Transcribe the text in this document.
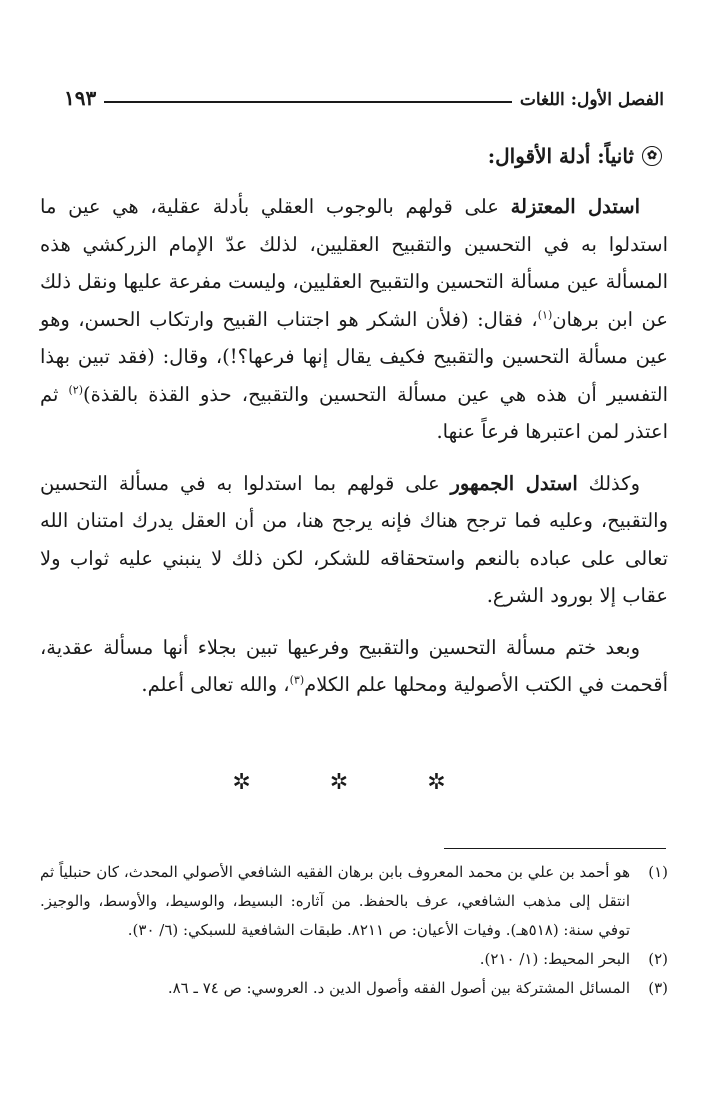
الفصل الأول: اللغات
١٩٣
✿
ثانياً: أدلة الأقوال:

استدل المعتزلة على قولهم بالوجوب العقلي بأدلة عقلية، هي عين ما استدلوا به في التحسين والتقبيح العقليين، لذلك عدّ الإمام الزركشي هذه المسألة عين مسألة التحسين والتقبيح العقليين، وليست مفرعة عليها ونقل ذلك عن ابن برهان$^{(١)}$، فقال: (فلأن الشكر هو اجتناب القبيح وارتكاب الحسن، وهو عين مسألة التحسين والتقبيح فكيف يقال إنها فرعها؟!)، وقال: (فقد تبين بهذا التفسير أن هذه هي عين مسألة التحسين والتقبيح، حذو القذة بالقذة)$^{(٢)}$ ثم اعتذر لمن اعتبرها فرعاً عنها.

وكذلك استدل الجمهور على قولهم بما استدلوا به في مسألة التحسين والتقبيح، وعليه فما ترجح هناك فإنه يرجح هنا، من أن العقل يدرك امتنان الله تعالى على عباده بالنعم واستحقاقه للشكر، لكن ذلك لا ينبني عليه ثواب ولا عقاب إلا بورود الشرع.

وبعد ختم مسألة التحسين والتقبيح وفرعيها تبين بجلاء أنها مسألة عقدية، أقحمت في الكتب الأصولية ومحلها علم الكلام$^{(٣)}$، والله تعالى أعلم.

✲ ✲ ✲
(١)
هو أحمد بن علي بن محمد المعروف بابن برهان الفقيه الشافعي الأصولي المحدث، كان حنبلياً ثم انتقل إلى مذهب الشافعي، عرف بالحفظ. من آثاره: البسيط، والوسيط، والأوسط، والوجيز. توفي سنة: (٥١٨هـ). وفيات الأعيان: ص ٨٢١١. طبقات الشافعية للسبكي: (٦/ ٣٠).
(٢)
البحر المحيط: (١/ ٢١٠).
(٣)
المسائل المشتركة بين أصول الفقه وأصول الدين د. العروسي: ص ٧٤ ـ ٨٦.
